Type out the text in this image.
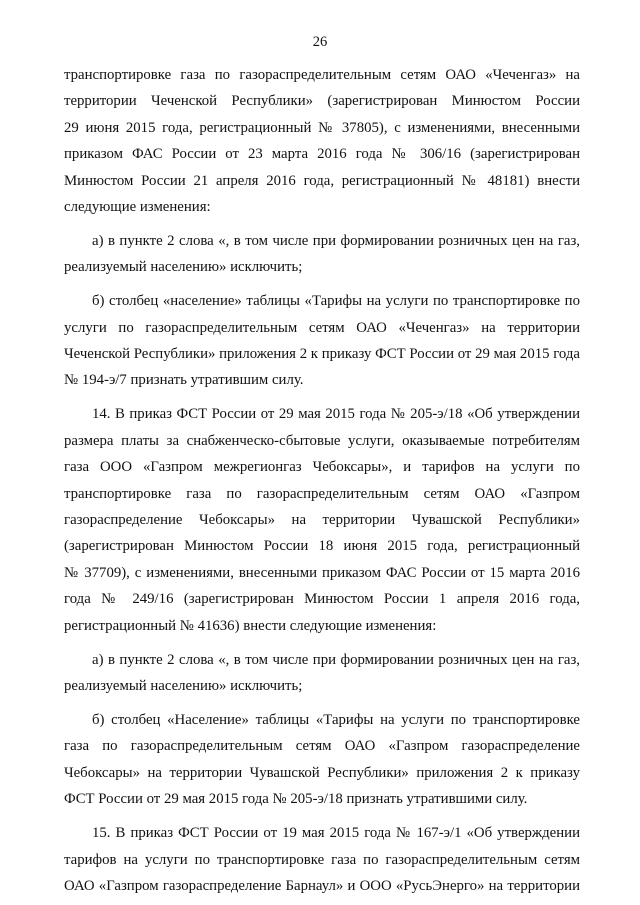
26

транспортировке газа по газораспределительным сетям ОАО «Чеченгаз» на
территории Чеченской Республики» (зарегистрирован Минюстом России
29 июня 2015 года, регистрационный № 37805), с изменениями, внесенными
приказом ФАС России от 23 марта 2016 года № 306/16 (зарегистрирован
Минюстом России 21 апреля 2016 года, регистрационный № 48181) внести
следующие изменения:

а) в пункте 2 слова «, в том числе при формировании розничных цен на газ,
реализуемый населению» исключить;

б) столбец «население» таблицы «Тарифы на услуги по транспортировке по
услуги по газораспределительным сетям ОАО «Чеченгаз» на территории
Чеченской Республики» приложения 2 к приказу ФСТ России от 29 мая 2015 года
№ 194-э/7 признать утратившим силу.

14. В приказ ФСТ России от 29 мая 2015 года № 205-э/18 «Об утверждении
размера платы за снабженческо-сбытовые услуги, оказываемые потребителям
газа ООО «Газпром межрегионгаз Чебоксары», и тарифов на услуги по
транспортировке газа по газораспределительным сетям ОАО «Газпром
газораспределение Чебоксары» на территории Чувашской Республики»
(зарегистрирован Минюстом России 18 июня 2015 года, регистрационный
№ 37709), с изменениями, внесенными приказом ФАС России от 15 марта 2016
года № 249/16 (зарегистрирован Минюстом России 1 апреля 2016 года,
регистрационный № 41636) внести следующие изменения:

а) в пункте 2 слова «, в том числе при формировании розничных цен на газ,
реализуемый населению» исключить;

б) столбец «Население» таблицы «Тарифы на услуги по транспортировке
газа по газораспределительным сетям ОАО «Газпром газораспределение
Чебоксары» на территории Чувашской Республики» приложения 2 к приказу
ФСТ России от 29 мая 2015 года № 205-э/18 признать утратившими силу.

15. В приказ ФСТ России от 19 мая 2015 года № 167-э/1 «Об утверждении
тарифов на услуги по транспортировке газа по газораспределительным сетям
ОАО «Газпром газораспределение Барнаул» и ООО «РусьЭнерго» на территории
